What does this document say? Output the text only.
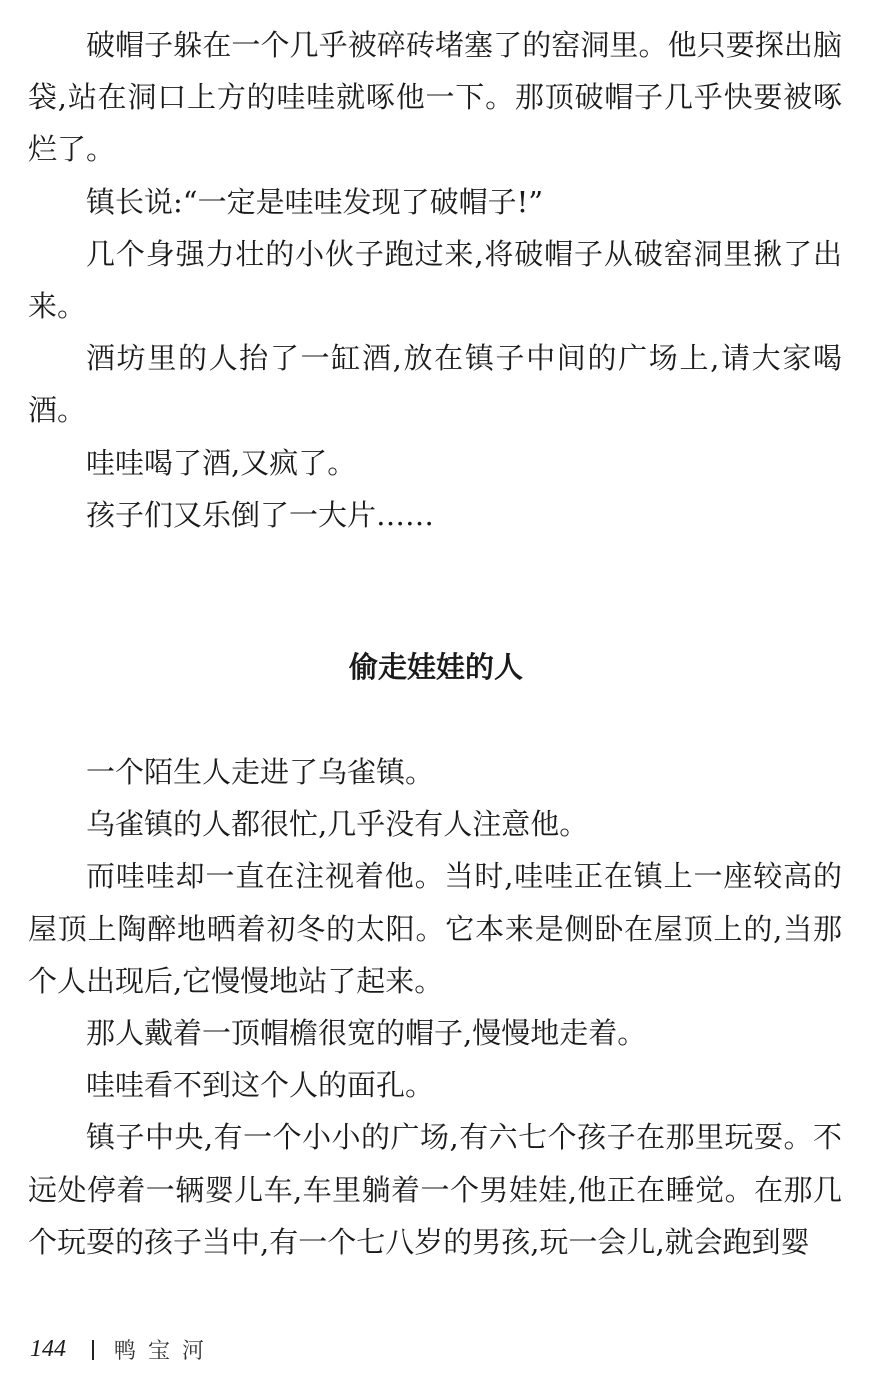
破帽子躲在一个几乎被碎砖堵塞了的窑洞里。他只要探出脑袋,站在洞口上方的哇哇就啄他一下。那顶破帽子几乎快要被啄烂了。

镇长说:“一定是哇哇发现了破帽子!”

几个身强力壮的小伙子跑过来,将破帽子从破窑洞里揪了出来。

酒坊里的人抬了一缸酒,放在镇子中间的广场上,请大家喝酒。

哇哇喝了酒,又疯了。

孩子们又乐倒了一大片……

偷走娃娃的人

一个陌生人走进了乌雀镇。

乌雀镇的人都很忙,几乎没有人注意他。

而哇哇却一直在注视着他。当时,哇哇正在镇上一座较高的屋顶上陶醉地晒着初冬的太阳。它本来是侧卧在屋顶上的,当那个人出现后,它慢慢地站了起来。

那人戴着一顶帽檐很宽的帽子,慢慢地走着。

哇哇看不到这个人的面孔。

镇子中央,有一个小小的广场,有六七个孩子在那里玩耍。不远处停着一辆婴儿车,车里躺着一个男娃娃,他正在睡觉。在那几个玩耍的孩子当中,有一个七八岁的男孩,玩一会儿,就会跑到婴

144 鸭宝河
